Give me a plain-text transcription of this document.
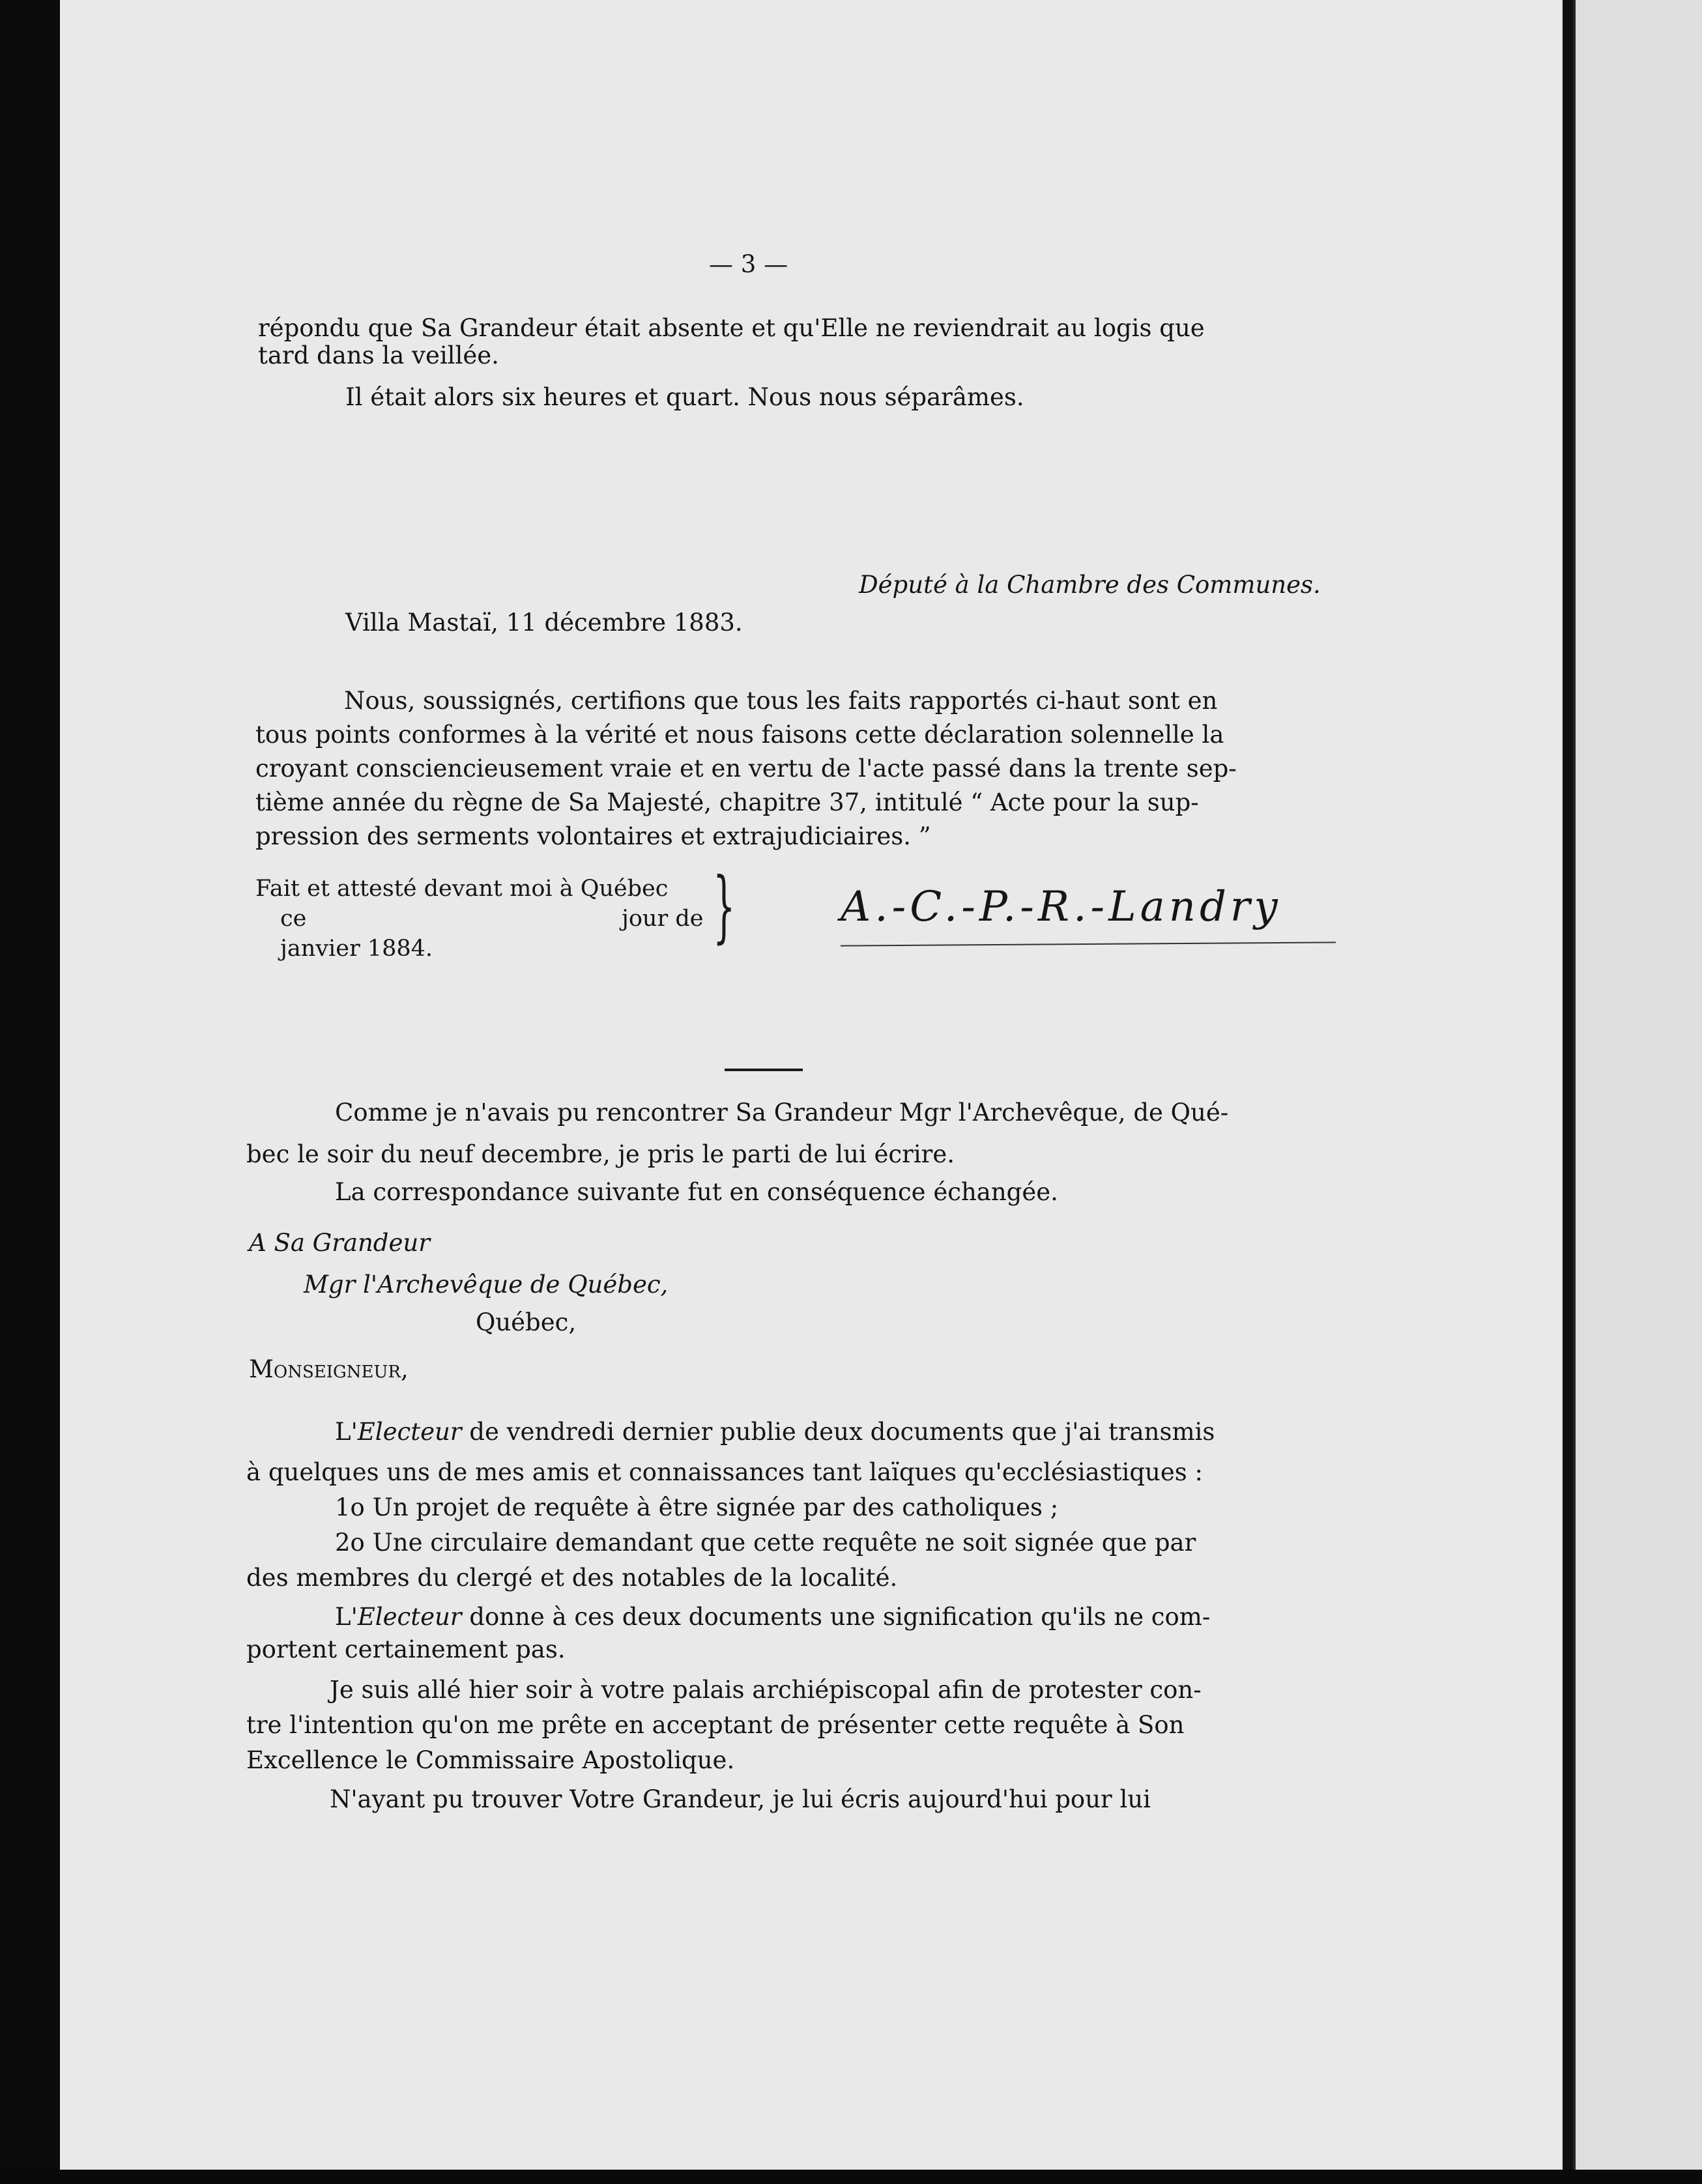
— 3 —
répondu que Sa Grandeur était absente et qu'Elle ne reviendrait au logis que
tard dans la veillée.
Il était alors six heures et quart. Nous nous séparâmes.
Député à la Chambre des Communes.
Villa Mastaï, 11 décembre 1883.
Nous, soussignés, certifions que tous les faits rapportés ci-haut sont en
tous points conformes à la vérité et nous faisons cette déclaration solennelle la
croyant consciencieusement vraie et en vertu de l'acte passé dans la trente sep-
tième année du règne de Sa Majesté, chapitre 37, intitulé “ Acte pour la sup-
pression des serments volontaires et extrajudiciaires. ”
Fait et attesté devant moi à Québec
ce	jour de
janvier 1884.	}	A.-C.-P.-R.-Landry
Comme je n'avais pu rencontrer Sa Grandeur Mgr l'Archevêque, de Qué-
bec le soir du neuf decembre, je pris le parti de lui écrire.
La correspondance suivante fut en conséquence échangée.
A Sa Grandeur
Mgr l'Archevêque de Québec,
Québec,
Monseigneur,
L' Electeur de vendredi dernier publie deux documents que j'ai transmis
à quelques uns de mes amis et connaissances tant laïques qu'ecclésiastiques :
1o Un projet de requête à être signée par des catholiques ;
2o Une circulaire demandant que cette requête ne soit signée que par
des membres du clergé et des notables de la localité.
L'Electeur donne à ces deux documents une signification qu'ils ne com-
portent certainement pas.
Je suis allé hier soir à votre palais archiépiscopal afin de protester con-
tre l'intention qu'on me prête en acceptant de présenter cette requête à Son
Excellence le Commissaire Apostolique.
N'ayant pu trouver Votre Grandeur, je lui écris aujourd'hui pour lui
